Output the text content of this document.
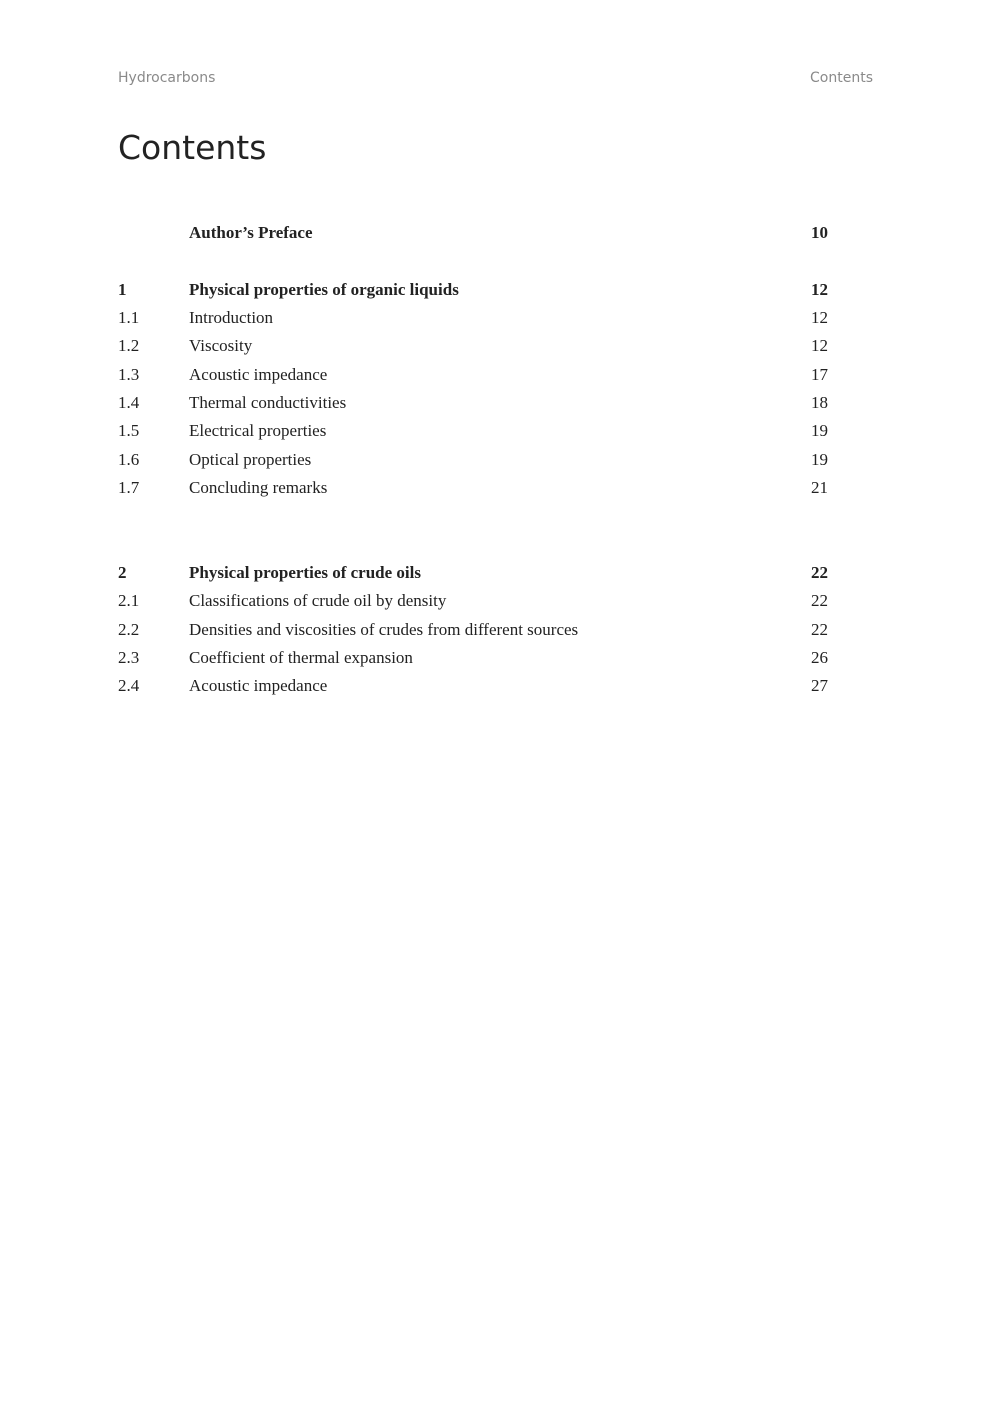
Hydrocarbons	Contents
Contents
Author’s Preface	10
1	Physical properties of organic liquids	12
1.1	Introduction	12
1.2	Viscosity	12
1.3	Acoustic impedance	17
1.4	Thermal conductivities	18
1.5	Electrical properties	19
1.6	Optical properties	19
1.7	Concluding remarks	21
2	Physical properties of crude oils	22
2.1	Classifications of crude oil by density	22
2.2	Densities and viscosities of crudes from different sources	22
2.3	Coefficient of thermal expansion	26
2.4	Acoustic impedance	27
